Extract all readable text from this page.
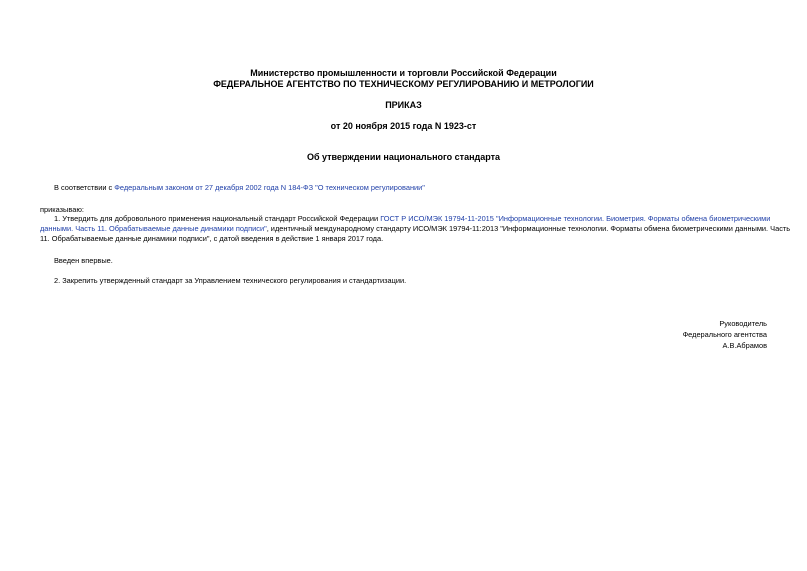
Министерство промышленности и торговли Российской Федерации
ФЕДЕРАЛЬНОЕ АГЕНТСТВО ПО ТЕХНИЧЕСКОМУ РЕГУЛИРОВАНИЮ И МЕТРОЛОГИИ
ПРИКАЗ
от 20 ноября 2015 года N 1923-ст
Об утверждении национального стандарта
В соответствии с Федеральным законом от 27 декабря 2002 года N 184-ФЗ "О техническом регулировании"
приказываю:
1. Утвердить для добровольного применения национальный стандарт Российской Федерации ГОСТ Р ИСО/МЭК 19794-11-2015 "Информационные технологии. Биометрия. Форматы обмена биометрическими
данными. Часть 11. Обрабатываемые данные динамики подписи", идентичный международному стандарту ИСО/МЭК 19794-11:2013 "Информационные технологии. Форматы обмена биометрическими данными. Часть
11. Обрабатываемые данные динамики подписи", с датой введения в действие 1 января 2017 года.
Введен впервые.
2. Закрепить утвержденный стандарт за Управлением технического регулирования и стандартизации.
Руководитель
Федерального агентства
А.В.Абрамов
